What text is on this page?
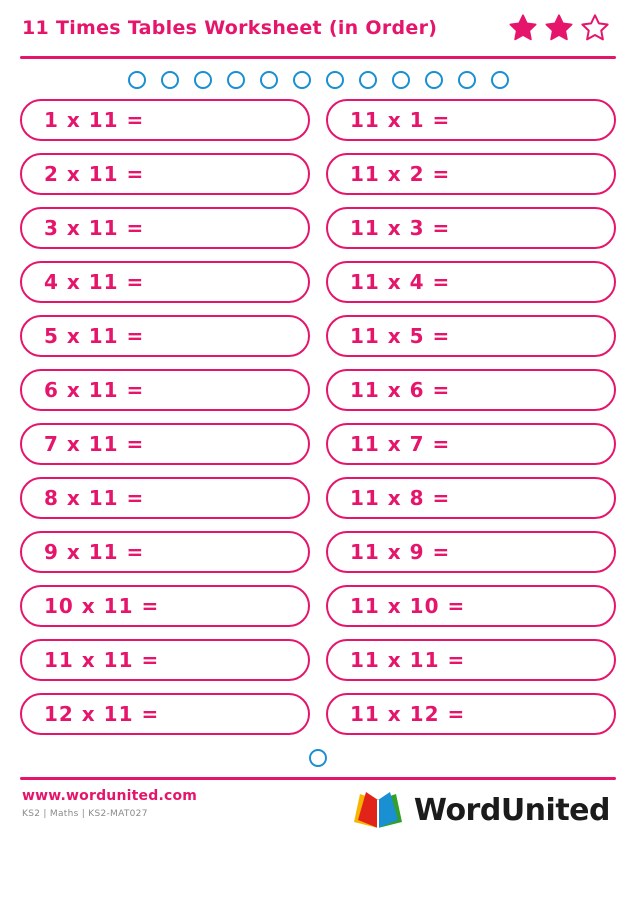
11 Times Tables Worksheet (in Order)
1 x 11 =
2 x 11 =
3 x 11 =
4 x 11 =
5 x 11 =
6 x 11 =
7 x 11 =
8 x 11 =
9 x 11 =
10 x 11 =
11 x 11 =
12 x 11 =
11 x 1 =
11 x 2 =
11 x 3 =
11 x 4 =
11 x 5 =
11 x 6 =
11 x 7 =
11 x 8 =
11 x 9 =
11 x 10 =
11 x 11 =
11 x 12 =
www.wordunited.com
KS2 | Maths | KS2-MAT027	WordUnited
